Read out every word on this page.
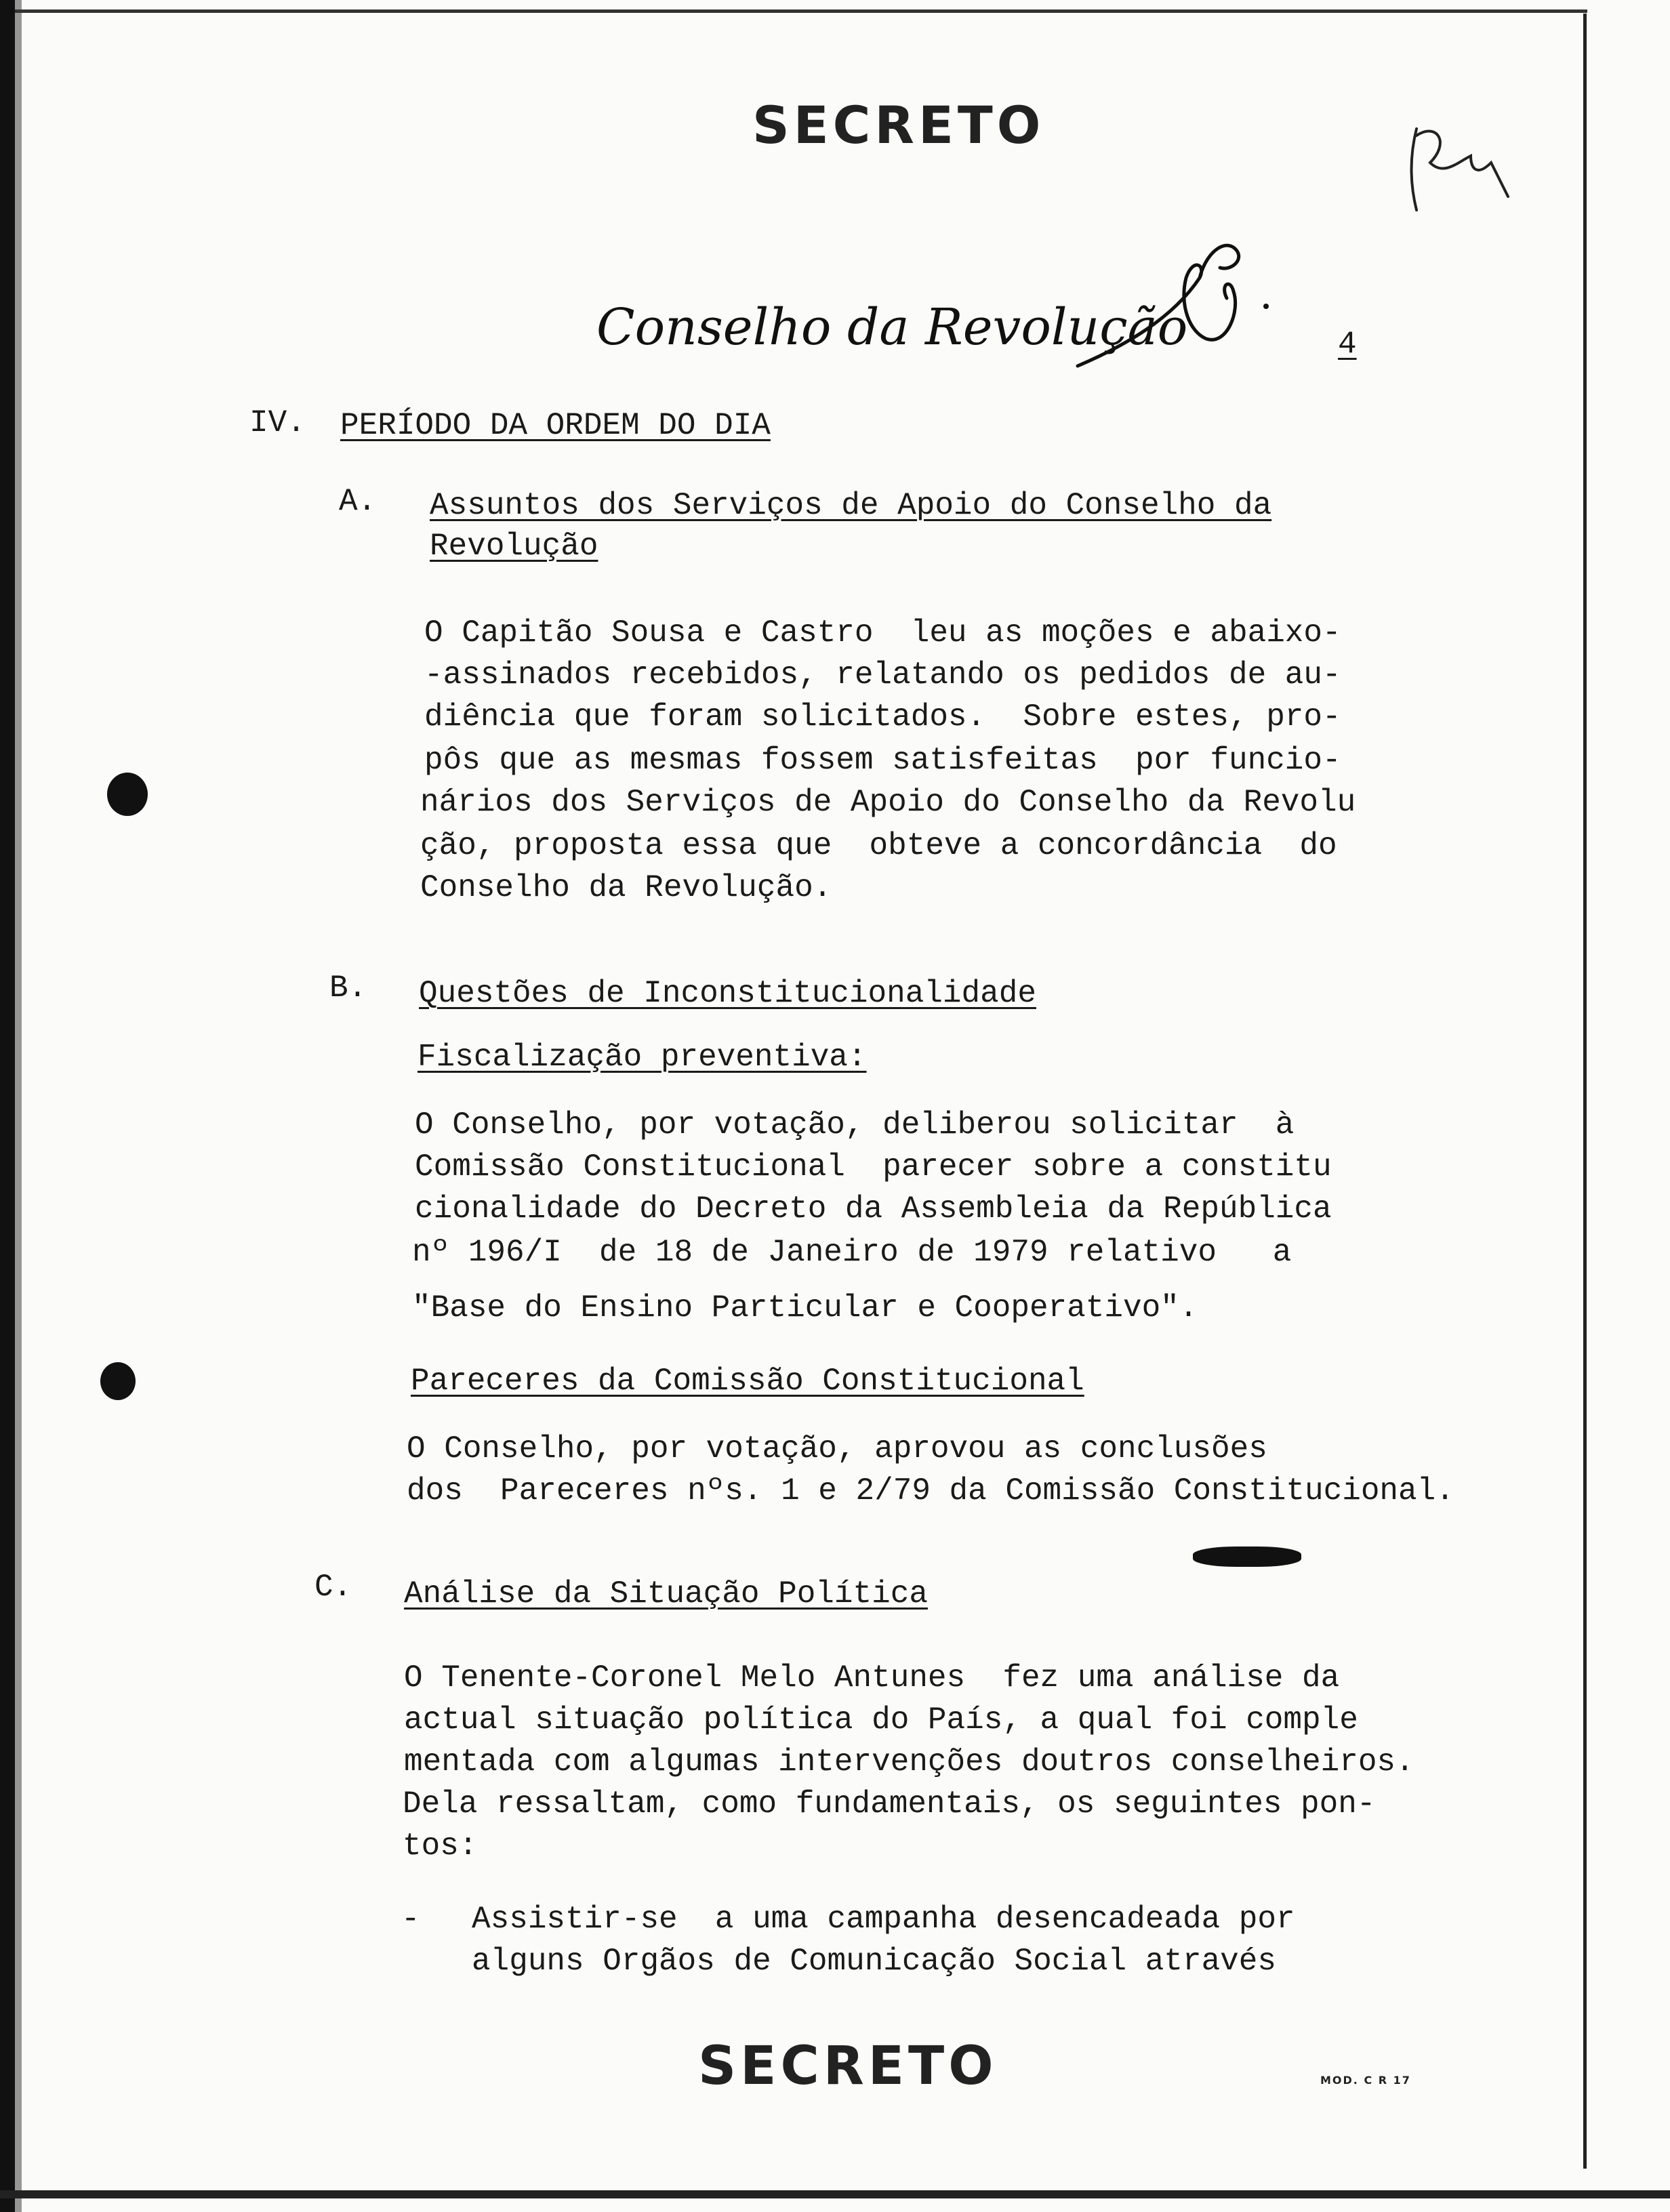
SECRETO
Conselho da Revolução	4
IV. PERÍODO DA ORDEM DO DIA
A. Assuntos dos Serviços de Apoio do Conselho da
Revolução
O Capitão Sousa e Castro  leu as moções e abaixo-
-assinados recebidos, relatando os pedidos de au-
diência que foram solicitados.  Sobre estes, pro-
pôs que as mesmas fossem satisfeitas  por funcio-
nários dos Serviços de Apoio do Conselho da Revolu
ção, proposta essa que  obteve a concordância  do
Conselho da Revolução.
B. Questões de Inconstitucionalidade
Fiscalização preventiva:
O Conselho, por votação, deliberou solicitar  à
Comissão Constitucional  parecer sobre a constitu
cionalidade do Decreto da Assembleia da República
nº 196/I  de 18 de Janeiro de 1979 relativo   a
"Base do Ensino Particular e Cooperativo".
Pareceres da Comissão Constitucional
O Conselho, por votação, aprovou as conclusões
dos  Pareceres nºs. 1 e 2/79 da Comissão Constitucional.
C. Análise da Situação Política
O Tenente-Coronel Melo Antunes  fez uma análise da
actual situação política do País, a qual foi comple
mentada com algumas intervenções doutros conselheiros.
Dela ressaltam, como fundamentais, os seguintes pon-
tos:
- Assistir-se  a uma campanha desencadeada por
alguns Orgãos de Comunicação Social através
SECRETO	MOD. C R 17
